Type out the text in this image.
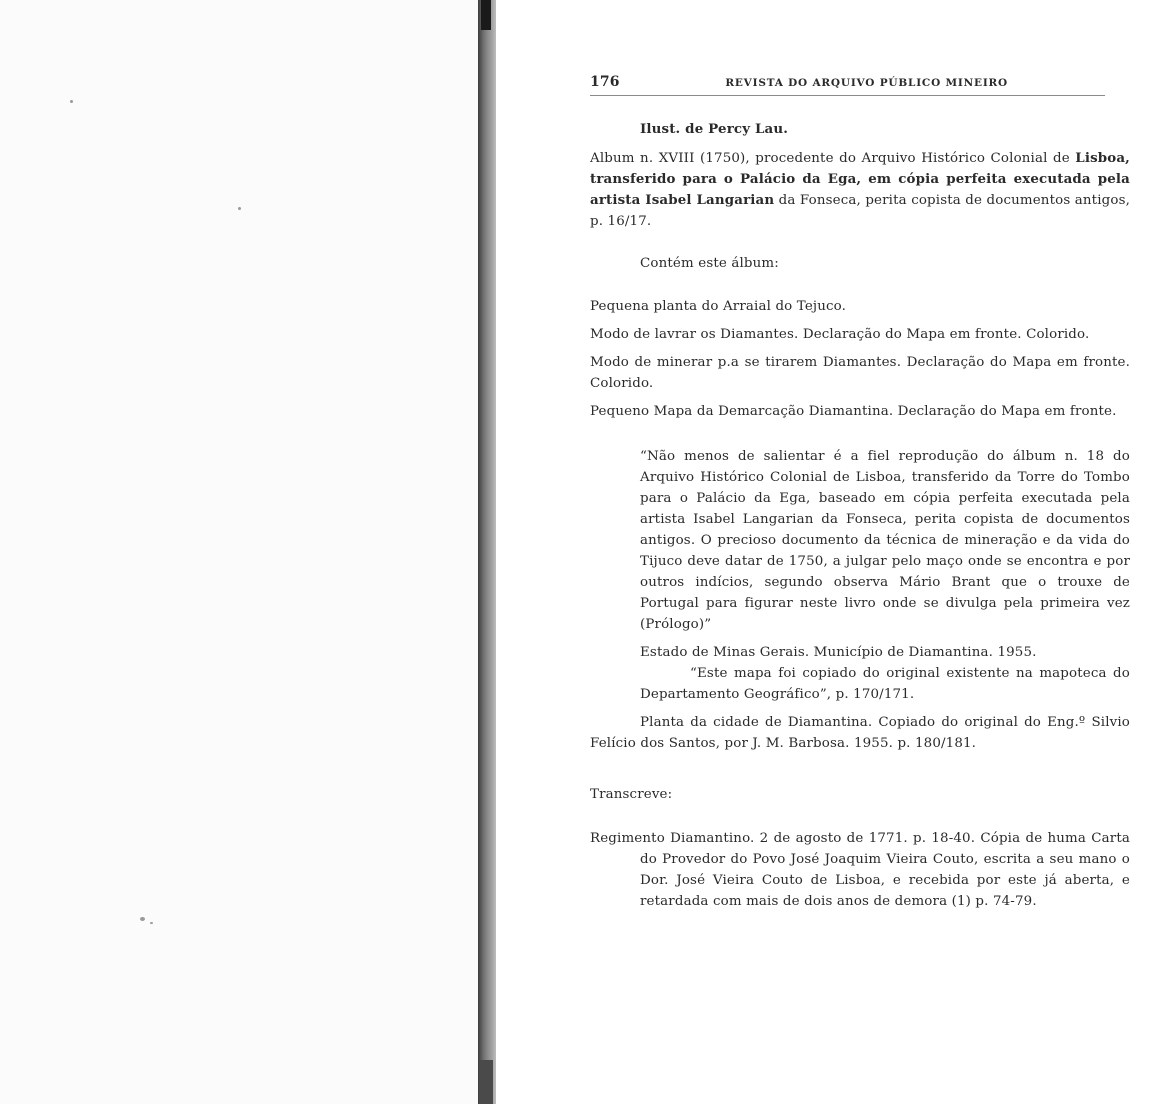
176	REVISTA DO ARQUIVO PÚBLICO MINEIRO

Ilust. de Percy Lau.

Album n. XVIII (1750), procedente do Arquivo Histórico Colonial de Lisboa, transferido para o Palácio da Ega, em cópia perfeita executada pela artista Isabel Langarian da Fonseca, perita copista de documentos antigos, p. 16/17.

Contém este álbum:

Pequena planta do Arraial do Tejuco.

Modo de lavrar os Diamantes. Declaração do Mapa em fronte. Colorido.

Modo de minerar p.a se tirarem Diamantes. Declaração do Mapa em fronte. Colorido.

Pequeno Mapa da Demarcação Diamantina. Declaração do Mapa em fronte.

“Não menos de salientar é a fiel reprodução do álbum n. 18 do Arquivo Histórico Colonial de Lisboa, transferido da Torre do Tombo para o Palácio da Ega, baseado em cópia perfeita executada pela artista Isabel Langarian da Fonseca, perita copista de documentos antigos. O precioso documento da técnica de mineração e da vida do Tijuco deve datar de 1750, a julgar pelo maço onde se encontra e por outros indícios, segundo observa Mário Brant que o trouxe de Portugal para figurar neste livro onde se divulga pela primeira vez (Prólogo)”

Estado de Minas Gerais. Município de Diamantina. 1955.

“Este mapa foi copiado do original existente na mapoteca do Departamento Geográfico”, p. 170/171.

Planta da cidade de Diamantina. Copiado do original do Eng.º Silvio Felício dos Santos, por J. M. Barbosa. 1955. p. 180/181.

Transcreve:

Regimento Diamantino. 2 de agosto de 1771. p. 18-40. Cópia de huma Carta do Provedor do Povo José Joaquim Vieira Couto, escrita a seu mano o Dor. José Vieira Couto de Lisboa, e recebida por este já aberta, e retardada com mais de dois anos de demora (1) p. 74-79.
